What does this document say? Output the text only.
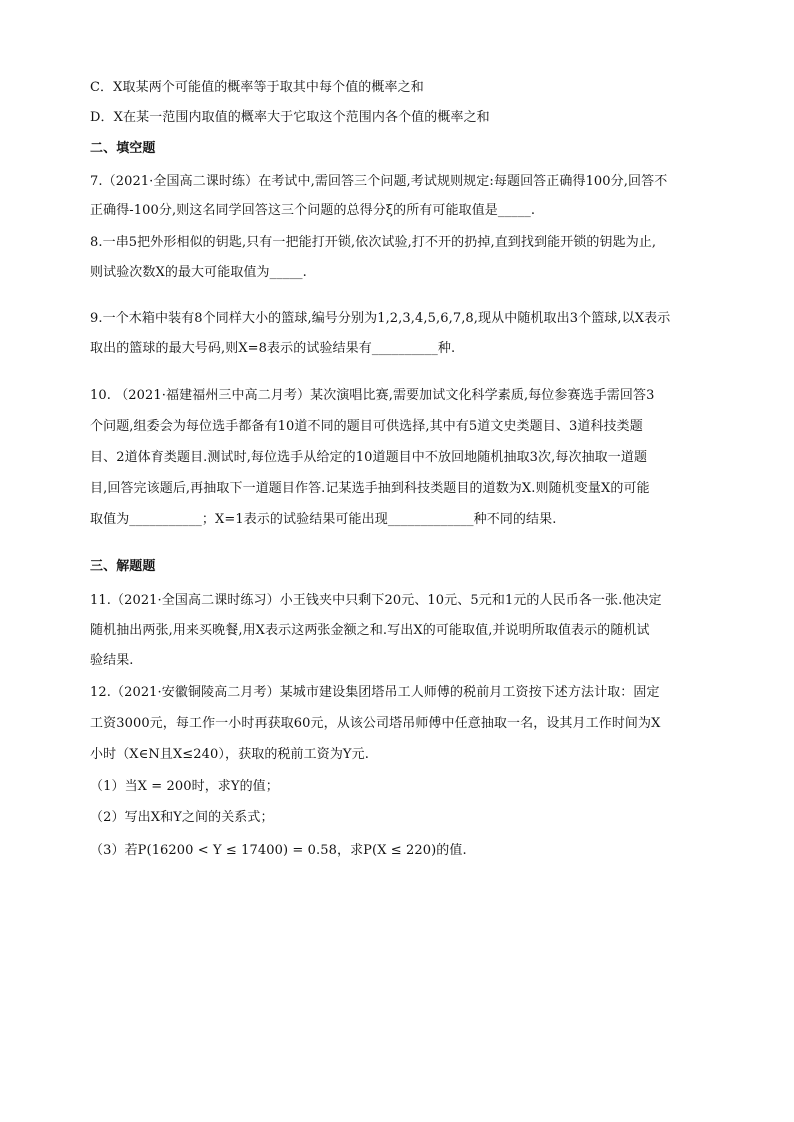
C．X取某两个可能值的概率等于取其中每个值的概率之和
D．X在某一范围内取值的概率大于它取这个范围内各个值的概率之和
二、填空题
7.（2021·全国高二课时练）在考试中,需回答三个问题,考试规则规定:每题回答正确得100分,回答不
正确得-100分,则这名同学回答这三个问题的总得分ξ的所有可能取值是_____.
8.一串5把外形相似的钥匙,只有一把能打开锁,依次试验,打不开的扔掉,直到找到能开锁的钥匙为止,
则试验次数X的最大可能取值为_____.
9.一个木箱中装有8个同样大小的篮球,编号分别为1,2,3,4,5,6,7,8,现从中随机取出3个篮球,以X表示
取出的篮球的最大号码,则X=8表示的试验结果有__________种.
10. （2021·福建福州三中高二月考）某次演唱比赛,需要加试文化科学素质,每位参赛选手需回答3
个问题,组委会为每位选手都备有10道不同的题目可供选择,其中有5道文史类题目、3道科技类题
目、2道体育类题目.测试时,每位选手从给定的10道题目中不放回地随机抽取3次,每次抽取一道题
目,回答完该题后,再抽取下一道题目作答.记某选手抽到科技类题目的道数为X.则随机变量X的可能
取值为___________；X=1表示的试验结果可能出现_____________种不同的结果.
三、解题题
11.（2021·全国高二课时练习）小王钱夹中只剩下20元、10元、5元和1元的人民币各一张.他决定
随机抽出两张,用来买晚餐,用X表示这两张金额之和.写出X的可能取值,并说明所取值表示的随机试
验结果.
12.（2021·安徽铜陵高二月考）某城市建设集团塔吊工人师傅的税前月工资按下述方法计取：固定
工资3000元，每工作一小时再获取60元，从该公司塔吊师傅中任意抽取一名，设其月工作时间为X
小时（X∈N且X≤240），获取的税前工资为Y元.
（1）当X = 200时，求Y的值；
（2）写出X和Y之间的关系式；
（3）若P(16200 < Y ≤ 17400) = 0.58，求P(X ≤ 220)的值.
